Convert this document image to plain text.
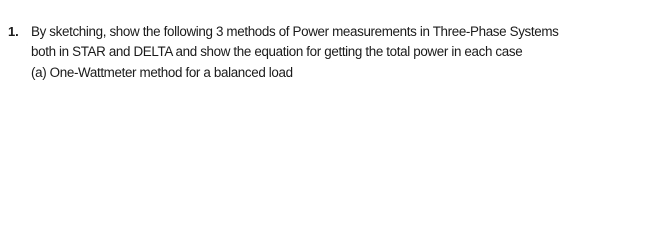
1. By sketching, show the following 3 methods of Power measurements in Three-Phase Systems
both in STAR and DELTA and show the equation for getting the total power in each case
(a) One-Wattmeter method for a balanced load
